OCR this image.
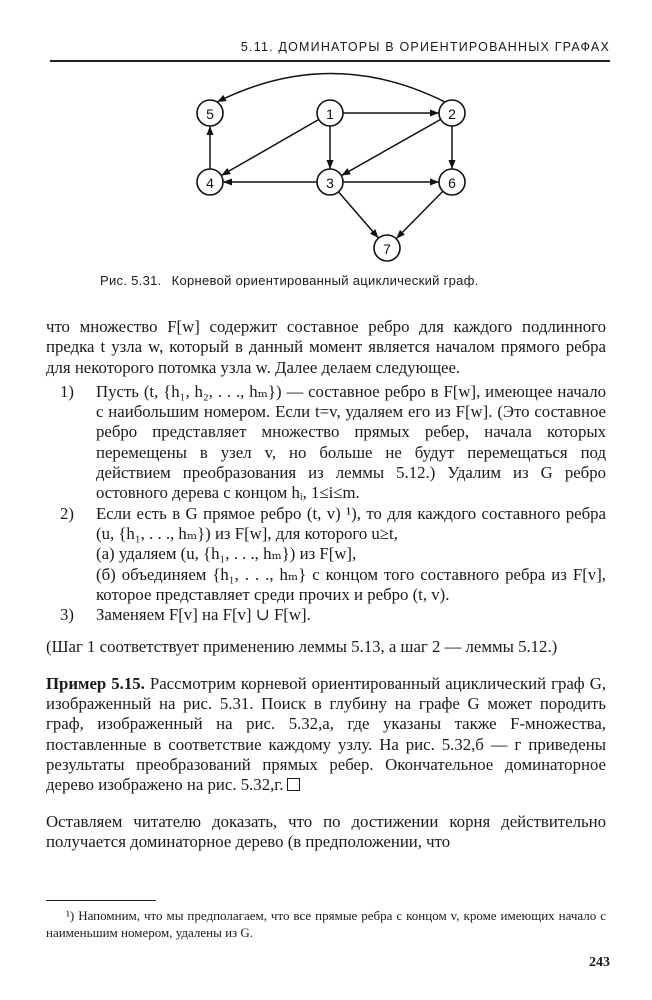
5.11. ДОМИНАТОРЫ В ОРИЕНТИРОВАННЫХ ГРАФАХ
1	2
3
4
5
6
7
Рис. 5.31. Корневой ориентированный ациклический граф.

что множество F[w] содержит составное ребро для каждого подлинного предка t узла w, который в данный момент является началом прямого ребра для некоторого потомка узла w. Далее делаем следующее.

1)	Пусть (t, {h₁, h₂, . . ., hₘ}) — составное ребро в F[w], имеющее начало с наибольшим номером. Если t=v, удаляем его из F[w]. (Это составное ребро представляет множество прямых ребер, начала которых перемещены в узел v, но больше не будут перемещаться под действием преобразования из леммы 5.12.) Удалим из G ребро остовного дерева с концом hᵢ, 1≤i≤m.
2)	Если есть в G прямое ребро (t, v) ¹), то для каждого составного ребра (u, {h₁, . . ., hₘ}) из F[w], для которого u≥t,
(а) удаляем (u, {h₁, . . ., hₘ}) из F[w],
(б) объединяем {h₁, . . ., hₘ} с концом того составного ребра из F[v], которое представляет среди прочих и ребро (t, v).
3)	Заменяем F[v] на F[v] ∪ F[w].

(Шаг 1 соответствует применению леммы 5.13, а шаг 2 — леммы 5.12.)

Пример 5.15. Рассмотрим корневой ориентированный ациклический граф G, изображенный на рис. 5.31. Поиск в глубину на графе G может породить граф, изображенный на рис. 5.32,а, где указаны также F-множества, поставленные в соответствие каждому узлу. На рис. 5.32,б — г приведены результаты преобразований прямых ребер. Окончательное доминаторное дерево изображено на рис. 5.32,г.

Оставляем читателю доказать, что по достижении корня действительно получается доминаторное дерево (в предположении, что

¹) Напомним, что мы предполагаем, что все прямые ребра с концом v, кроме имеющих начало с наименьшим номером, удалены из G.
243
